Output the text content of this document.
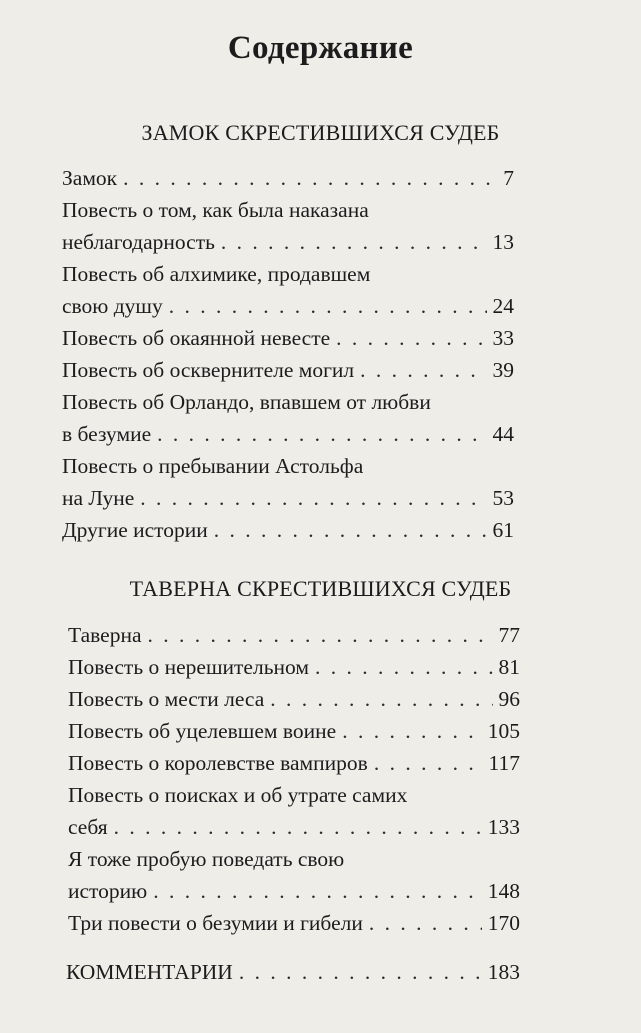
Содержание
ЗАМОК СКРЕСТИВШИХСЯ СУДЕБ
Замок . . .	7
Повесть о том, как была наказана
неблагодарность . . .	13
Повесть об алхимике, продавшем
свою душу . . .	24
Повесть об окаянной невесте . . .	33
Повесть об осквернителе могил . . .	39
Повесть об Орландо, впавшем от любви
в безумие . . .	44
Повесть о пребывании Астольфа
на Луне . . .	53
Другие истории . . .	61
ТАВЕРНА СКРЕСТИВШИХСЯ СУДЕБ
Таверна . . .	77
Повесть о нерешительном . . .	81
Повесть о мести леса . . .	96
Повесть об уцелевшем воине . . .	105
Повесть о королевстве вампиров . . .	117
Повесть о поисках и об утрате самих
себя . . .	133
Я тоже пробую поведать свою
историю . . .	148
Три повести о безумии и гибели . . .	170
КОММЕНТАРИИ . . .	183
